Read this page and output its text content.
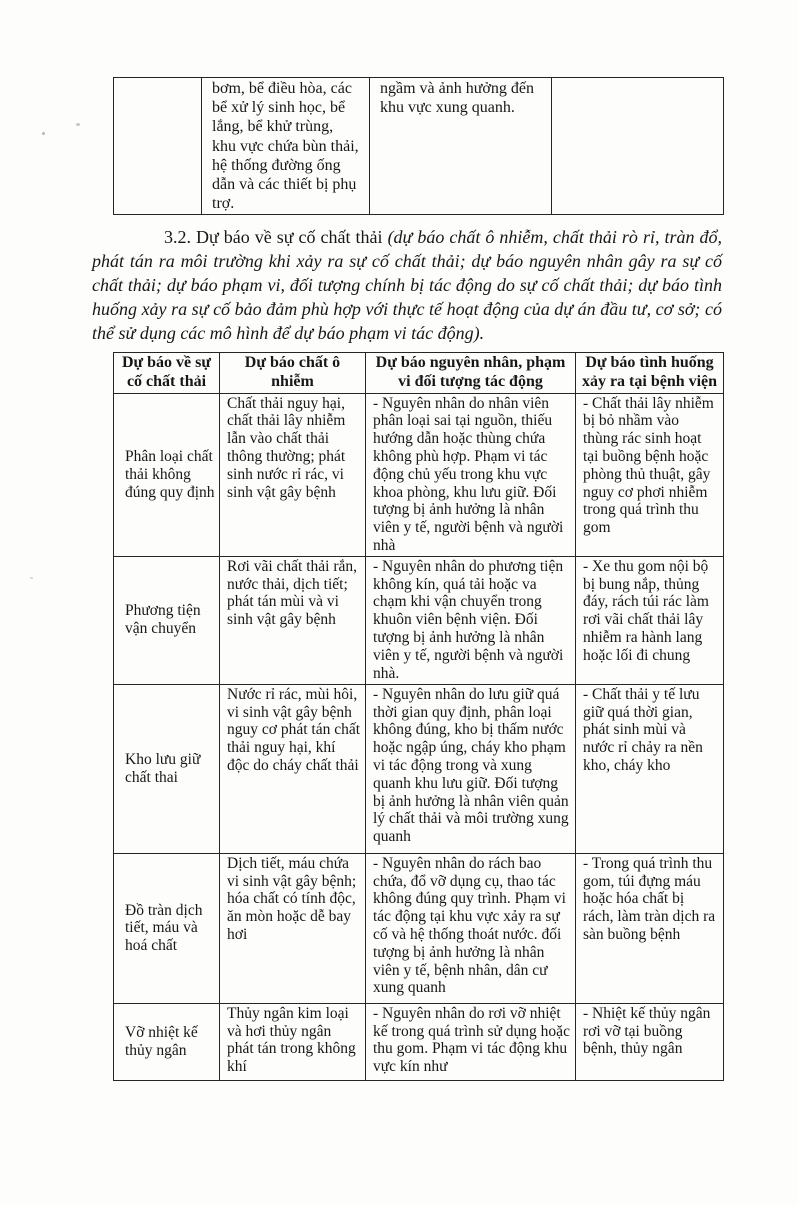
	bơm, bể điều hòa, các bể xử lý sinh học, bể lắng, bể khử trùng, khu vực chứa bùn thải, hệ thống đường ống dẫn và các thiết bị phụ trợ.	ngầm và ảnh hưởng đến khu vực xung quanh.	

3.2. Dự báo về sự cố chất thải (dự báo chất ô nhiễm, chất thải rò rỉ, tràn đổ, phát tán ra môi trường khi xảy ra sự cố chất thải; dự báo nguyên nhân gây ra sự cố chất thải; dự báo phạm vi, đối tượng chính bị tác động do sự cố chất thải; dự báo tình huống xảy ra sự cố bảo đảm phù hợp với thực tế hoạt động của dự án đầu tư, cơ sở; có thể sử dụng các mô hình để dự báo phạm vi tác động).

Dự báo về sự cố chất thải	Dự báo chất ô nhiễm	Dự báo nguyên nhân, phạm vi đối tượng tác động	Dự báo tình huống xảy ra tại bệnh viện
Phân loại chất thải không đúng quy định	Chất thải nguy hại, chất thải lây nhiễm lẫn vào chất thải thông thường; phát sinh nước rỉ rác, vi sinh vật gây bệnh	- Nguyên nhân do nhân viên phân loại sai tại nguồn, thiếu hướng dẫn hoặc thùng chứa không phù hợp. Phạm vi tác động chủ yếu trong khu vực khoa phòng, khu lưu giữ. Đối tượng bị ảnh hưởng là nhân viên y tế, người bệnh và người nhà	- Chất thải lây nhiễm bị bỏ nhầm vào thùng rác sinh hoạt tại buồng bệnh hoặc phòng thủ thuật, gây nguy cơ phơi nhiễm trong quá trình thu gom
Phương tiện vận chuyển	Rơi vãi chất thải rắn, nước thải, dịch tiết; phát tán mùi và vi sinh vật gây bệnh	- Nguyên nhân do phương tiện không kín, quá tải hoặc va chạm khi vận chuyển trong khuôn viên bệnh viện. Đối tượng bị ảnh hưởng là nhân viên y tế, người bệnh và người nhà.	- Xe thu gom nội bộ bị bung nắp, thủng đáy, rách túi rác làm rơi vãi chất thải lây nhiễm ra hành lang hoặc lối đi chung
Kho lưu giữ chất thai	Nước rỉ rác, mùi hôi, vi sinh vật gây bệnh nguy cơ phát tán chất thải nguy hại, khí độc do cháy chất thải	- Nguyên nhân do lưu giữ quá thời gian quy định, phân loại không đúng, kho bị thấm nước hoặc ngập úng, cháy kho phạm vi tác động trong và xung quanh khu lưu giữ. Đối tượng bị ảnh hưởng là nhân viên quản lý chất thải và môi trường xung quanh	- Chất thải y tế lưu giữ quá thời gian, phát sinh mùi và nước rỉ chảy ra nền kho, cháy kho
Đồ tràn dịch tiết, máu và hoá chất	Dịch tiết, máu chứa vi sinh vật gây bệnh; hóa chất có tính độc, ăn mòn hoặc dễ bay hơi	- Nguyên nhân do rách bao chứa, đổ vỡ dụng cụ, thao tác không đúng quy trình. Phạm vi tác động tại khu vực xảy ra sự cố và hệ thống thoát nước. đối tượng bị ảnh hưởng là nhân viên y tế, bệnh nhân, dân cư xung quanh	- Trong quá trình thu gom, túi đựng máu hoặc hóa chất bị rách, làm tràn dịch ra sàn buồng bệnh
Vỡ nhiệt kế thủy ngân	Thủy ngân kim loại và hơi thủy ngân phát tán trong không khí	- Nguyên nhân do rơi vỡ nhiệt kế trong quá trình sử dụng hoặc thu gom. Phạm vi tác động khu vực kín như	- Nhiệt kế thủy ngân rơi vỡ tại buồng bệnh, thủy ngân
